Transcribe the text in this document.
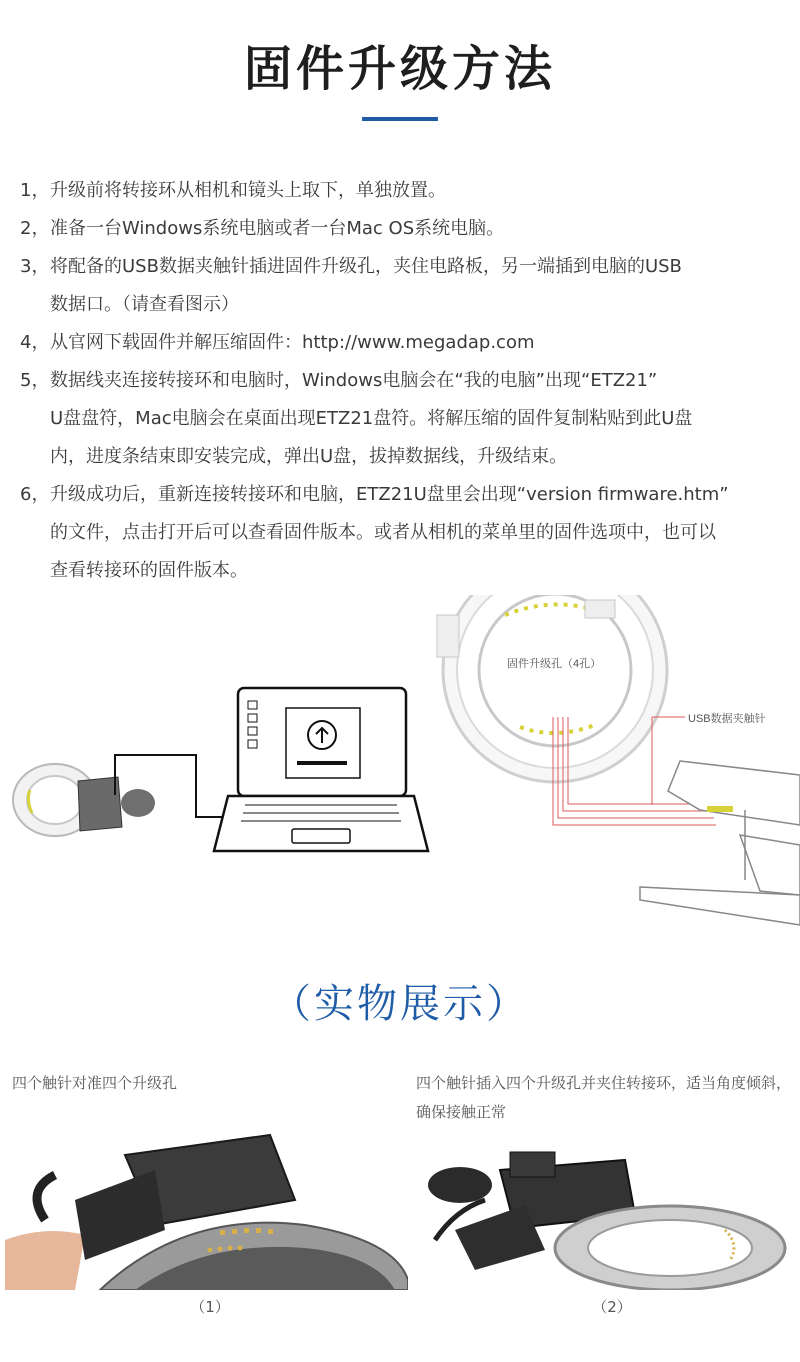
固件升级方法
1，升级前将转接环从相机和镜头上取下，单独放置。
2，准备一台Windows系统电脑或者一台Mac OS系统电脑。
3，将配备的USB数据夹触针插进固件升级孔，夹住电路板，另一端插到电脑的USB
数据口。（请查看图示）
4，从官网下载固件并解压缩固件：http://www.megadap.com
5，数据线夹连接转接环和电脑时，Windows电脑会在“我的电脑”出现“ETZ21”
U盘盘符，Mac电脑会在桌面出现ETZ21盘符。将解压缩的固件复制粘贴到此U盘
内，进度条结束即安装完成，弹出U盘，拔掉数据线，升级结束。
6，升级成功后，重新连接转接环和电脑，ETZ21U盘里会出现“version firmware.htm”
的文件，点击打开后可以查看固件版本。或者从相机的菜单里的固件选项中，也可以
查看转接环的固件版本。
固件升级孔（4孔）
USB数据夹触针
（实物展示）
四个触针对准四个升级孔	四个触针插入四个升级孔并夹住转接环，适当角度倾斜，确保接触正常
（1）	（2）
